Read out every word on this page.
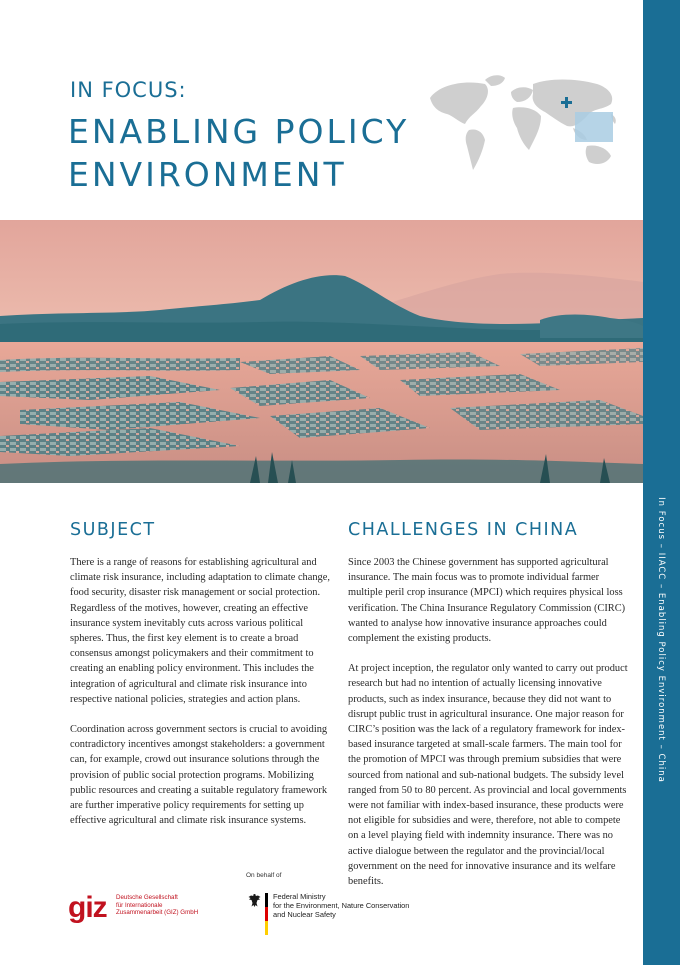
In Focus – IIACC – Enabling Policy Environment – China
IN FOCUS:
ENABLING POLICY
ENVIRONMENT
SUBJECT	CHALLENGES IN CHINA

There is a range of reasons for establishing agricultural and climate risk insurance, including adaptation to climate change, food security, disaster risk management or social protection. Regardless of the motives, however, creating an effective insurance system inevitably cuts across various political spheres. Thus, the first key element is to create a broad consensus amongst policymakers and their commitment to creating an enabling policy environment. This includes the integration of agricultural and climate risk insurance into respective national policies, strategies and action plans.

Coordination across government sectors is crucial to avoiding contradictory incentives amongst stakeholders: a government can, for example, crowd out insurance solutions through the provision of public social protection programs. Mobilizing public resources and creating a suitable regulatory framework are further imperative policy requirements for setting up effective agricultural and climate risk insurance systems.

Since 2003 the Chinese government has supported agricultural insurance. The main focus was to promote individual farmer multiple peril crop insurance (MPCI) which requires physical loss verification. The China Insurance Regulatory Commission (CIRC) wanted to analyse how innovative insurance approaches could complement the existing products.

At project inception, the regulator only wanted to carry out product research but had no intention of actually licensing innovative products, such as index insurance, because they did not want to disrupt public trust in agricultural insurance. One major reason for CIRC’s position was the lack of a regulatory framework for index-based insurance targeted at small-scale farmers. The main tool for the promotion of MPCI was through premium subsidies that were sourced from national and sub-national budgets. The subsidy level ranged from 50 to 80 percent. As provincial and local governments were not familiar with index-based insurance, these products were not eligible for subsidies and were, therefore, not able to compete on a level playing field with indemnity insurance. There was no active dialogue between the regulator and the provincial/local government on the need for innovative insurance and its welfare benefits.

On behalf of
giz Deutsche Gesellschaft
für Internationale
Zusammenarbeit (GIZ) GmbH
Federal Ministry
for the Environment, Nature Conservation
and Nuclear Safety
